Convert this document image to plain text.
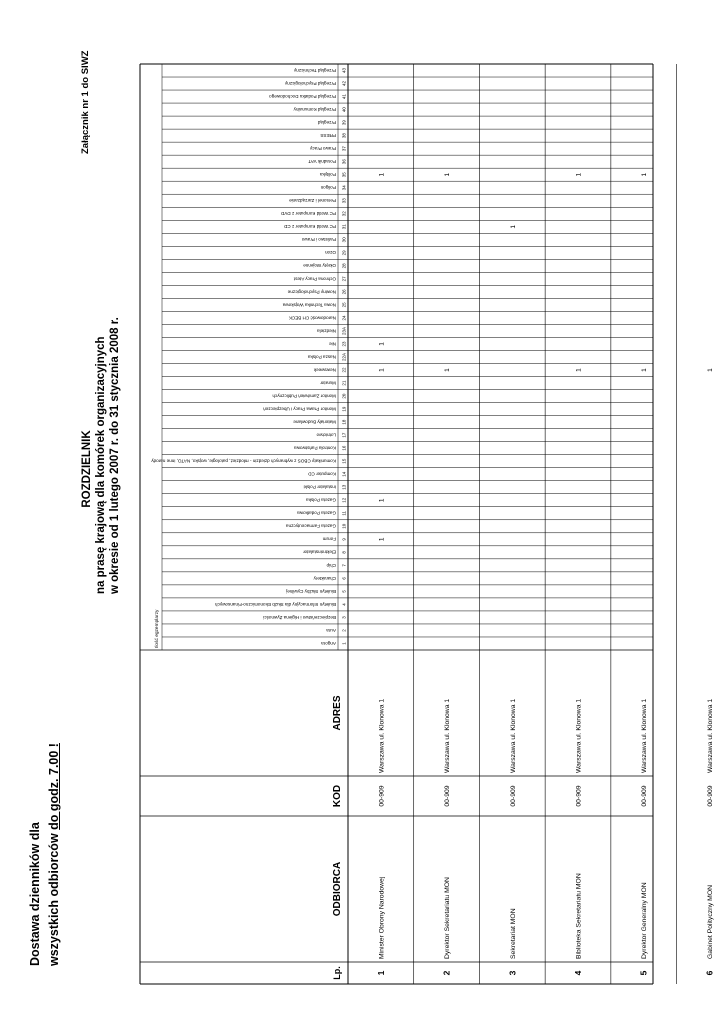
Dostawa dzienników dla wszystkich odbiorców do godz. 7.00 !
ROZDZIELNIK na prasę krajową dla komórek organizacyjnych w okresie od 1 lutego 2007 r. do 31 stycznia 2008 r.
Załącznik nr 1 do SIWZ
Lp.
ODBIORCA
KOD
ADRES
Ilość egzemplarzy	1
Angora
2
Aura
3
Bezpieczeństwo i Higiena Żywności
4
Biuletyn Informacyjny dla Służb Ekonomiczno-Finansowych
5
Biuletyn Służby Cywilnej
6
Charaktery
7
Chip
8
Elektroinstalator
9
Forum
10
Gazeta Farmaceutyczna
11
Gazeta Podatkowa
12
Gazeta Polska
13
Instalator Polski
14
Komputer CD
15
Komunikaty CBOS z wybranych dziedzin - młodzież, patologie, wojsko, NATO, inne narody
16
Kontrola Państwowa
17
Lotnictwo
18
Materiały Budowlane
19
Monitor Prawa Pracy i Ubezpieczeń
20
Monitor Zamówień Publicznych
21
Murator
22
Newsweek
22A
Nasza Polska
23
Nie
23A
Niedziela
24
Narodowość CH BECK
25
Nowa Technika Wojskowa
26
Nowiny Psychologiczne
27
Ochrona Pracy Atest
28
Okręty Wojenne
29
Ozon
30
Państwo i Prawo
31
PC Wotld Komputer z CD
32
PC Wotld Komputer z DVD
33
Personel i Zarządzanie
34
Poligon
35
Polityka
36
Poradnik VAT
37
Prawo Pracy
38
PRESS
39
Przegląd
40
Przegląd Komunalny
41
Przegląd Podatku Dochodowego
42
Przegląd Psychologiczny
43
Przegląd Techniczny
1
Minister Obrony Narodowej
00-909
Warszawa ul. Klonowa 1
1
1
1
1
1
2
Dyrektor Sekretariatu MON
00-909
Warszawa ul. Klonowa 1
1
1
3
Sekretariat MON
00-909
Warszawa ul. Klonowa 1
1
4
Biblioteka Sekretariatu MON
00-909
Warszawa ul. Klonowa 1
1
1
5
Dyrektor Generalny MON
00-909
Warszawa ul. Klonowa 1
1
1
6
Gabinet Polityczny MON
00-909
Warszawa ul. Klonowa 1
1
